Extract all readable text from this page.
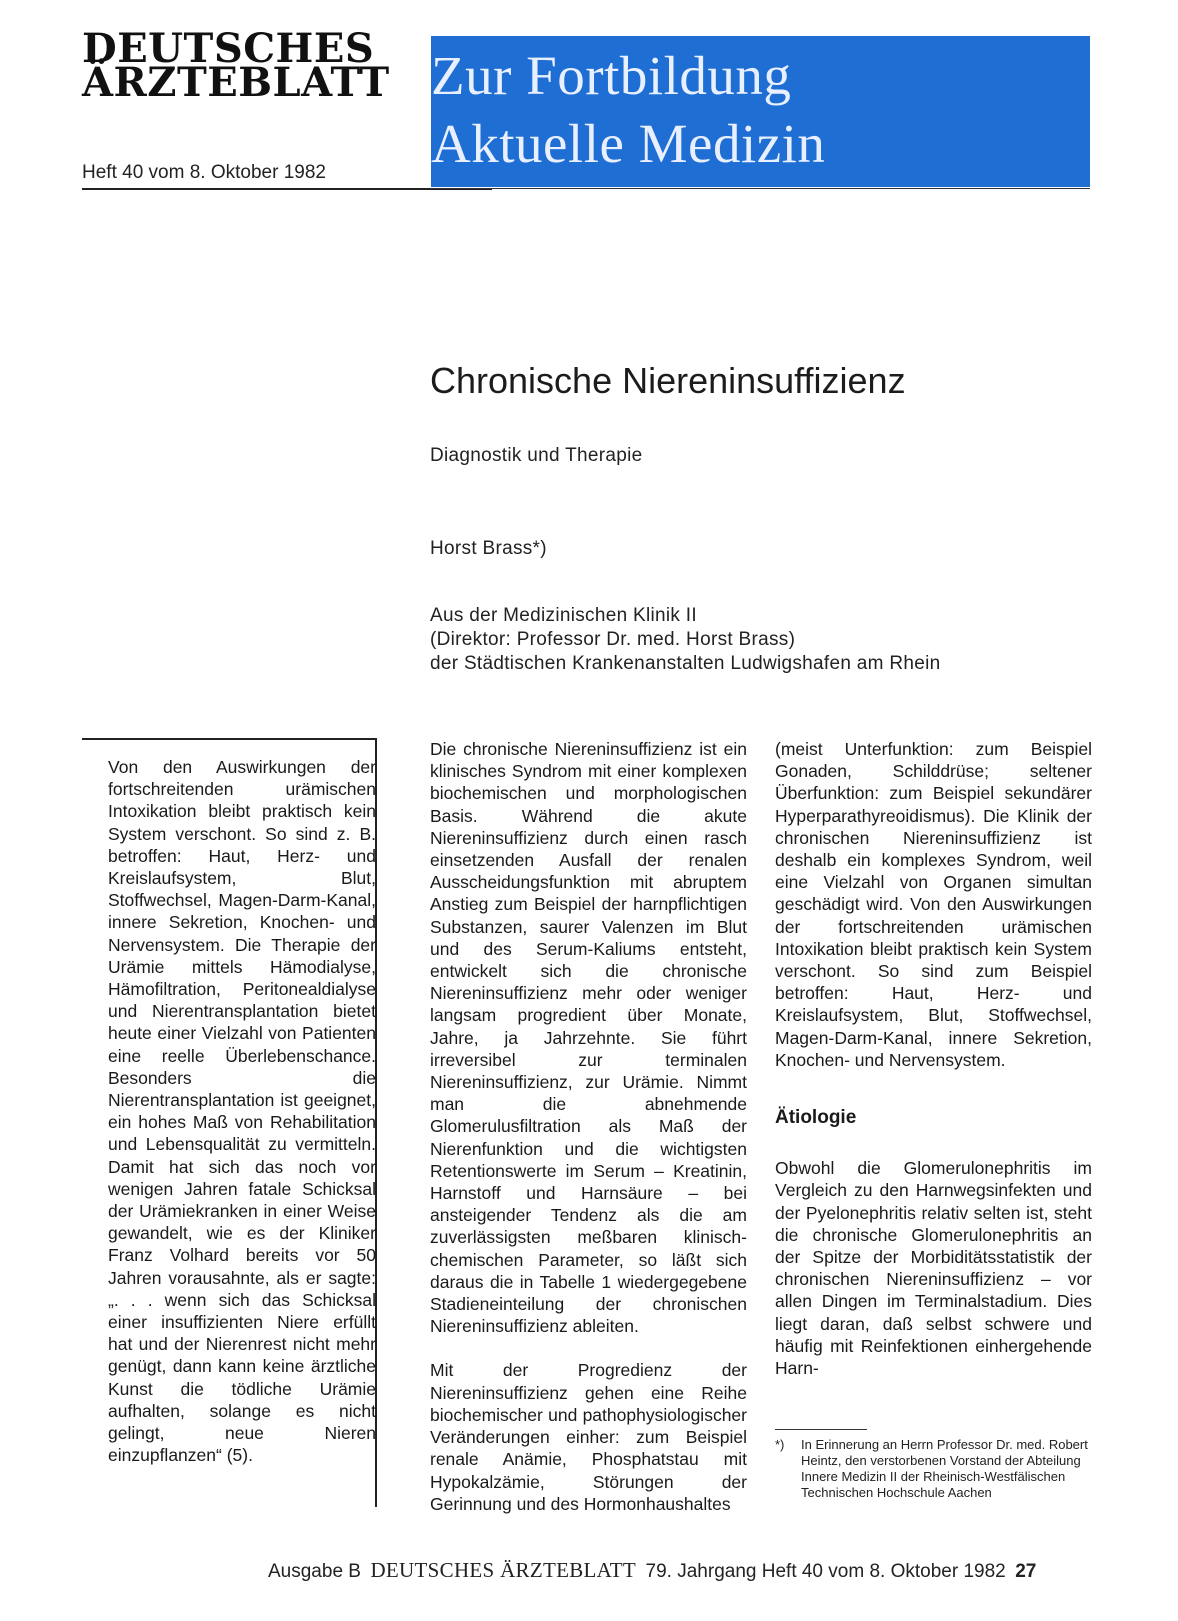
DEUTSCHES
ÄRZTEBLATT
Heft 40 vom 8. Oktober 1982
Zur Fortbildung
Aktuelle Medizin
Chronische Niereninsuffizienz
Diagnostik und Therapie
Horst Brass*)
Aus der Medizinischen Klinik II
(Direktor: Professor Dr. med. Horst Brass)
der Städtischen Krankenanstalten Ludwigshafen am Rhein

Von den Auswirkungen der fortschreitenden urämischen Intoxikation bleibt praktisch kein System verschont. So sind z. B. betroffen: Haut, Herz- und Kreislaufsystem, Blut, Stoffwechsel, Magen-Darm-Kanal, innere Sekretion, Knochen- und Nervensystem. Die Therapie der Urämie mittels Hämodialyse, Hämofiltration, Peritonealdialyse und Nierentransplantation bietet heute einer Vielzahl von Patienten eine reelle Überlebenschance. Besonders die Nierentransplantation ist geeignet, ein hohes Maß von Rehabilitation und Lebensqualität zu vermitteln. Damit hat sich das noch vor wenigen Jahren fatale Schicksal der Urämiekranken in einer Weise gewandelt, wie es der Kliniker Franz Volhard bereits vor 50 Jahren vorausahnte, als er sagte: „. . . wenn sich das Schicksal einer insuffizienten Niere erfüllt hat und der Nierenrest nicht mehr genügt, dann kann keine ärztliche Kunst die tödliche Urämie aufhalten, solange es nicht gelingt, neue Nieren einzupflanzen“ (5).

Die chronische Niereninsuffizienz ist ein klinisches Syndrom mit einer komplexen biochemischen und morphologischen Basis. Während die akute Niereninsuffizienz durch einen rasch einsetzenden Ausfall der renalen Ausscheidungsfunktion mit abruptem Anstieg zum Beispiel der harnpflichtigen Substanzen, saurer Valenzen im Blut und des Serum-Kaliums entsteht, entwickelt sich die chronische Niereninsuffizienz mehr oder weniger langsam progredient über Monate, Jahre, ja Jahrzehnte. Sie führt irreversibel zur terminalen Niereninsuffizienz, zur Urämie. Nimmt man die abnehmende Glomerulusfiltration als Maß der Nierenfunktion und die wichtigsten Retentionswerte im Serum – Kreatinin, Harnstoff und Harnsäure – bei ansteigender Tendenz als die am zuverlässigsten meßbaren klinisch-chemischen Parameter, so läßt sich daraus die in Tabelle 1 wiedergegebene Stadieneinteilung der chronischen Niereninsuffizienz ableiten.

Mit der Progredienz der Niereninsuffizienz gehen eine Reihe biochemischer und pathophysiologischer Veränderungen einher: zum Beispiel renale Anämie, Phosphatstau mit Hypokalzämie, Störungen der Gerinnung und des Hormonhaushaltes

(meist Unterfunktion: zum Beispiel Gonaden, Schilddrüse; seltener Überfunktion: zum Beispiel sekundärer Hyperparathyreoidismus). Die Klinik der chronischen Niereninsuffizienz ist deshalb ein komplexes Syndrom, weil eine Vielzahl von Organen simultan geschädigt wird. Von den Auswirkungen der fortschreitenden urämischen Intoxikation bleibt praktisch kein System verschont. So sind zum Beispiel betroffen: Haut, Herz- und Kreislaufsystem, Blut, Stoffwechsel, Magen-Darm-Kanal, innere Sekretion, Knochen- und Nervensystem.

Ätiologie

Obwohl die Glomerulonephritis im Vergleich zu den Harnwegsinfekten und der Pyelonephritis relativ selten ist, steht die chronische Glomerulonephritis an der Spitze der Morbiditätsstatistik der chronischen Niereninsuffizienz – vor allen Dingen im Terminalstadium. Dies liegt daran, daß selbst schwere und häufig mit Reinfektionen einhergehende Harn-

*) In Erinnerung an Herrn Professor Dr. med. Robert Heintz, den verstorbenen Vorstand der Abteilung Innere Medizin II der Rheinisch-Westfälischen Technischen Hochschule Aachen
Ausgabe B DEUTSCHES ÄRZTEBLATT 79. Jahrgang Heft 40 vom 8. Oktober 1982 27
